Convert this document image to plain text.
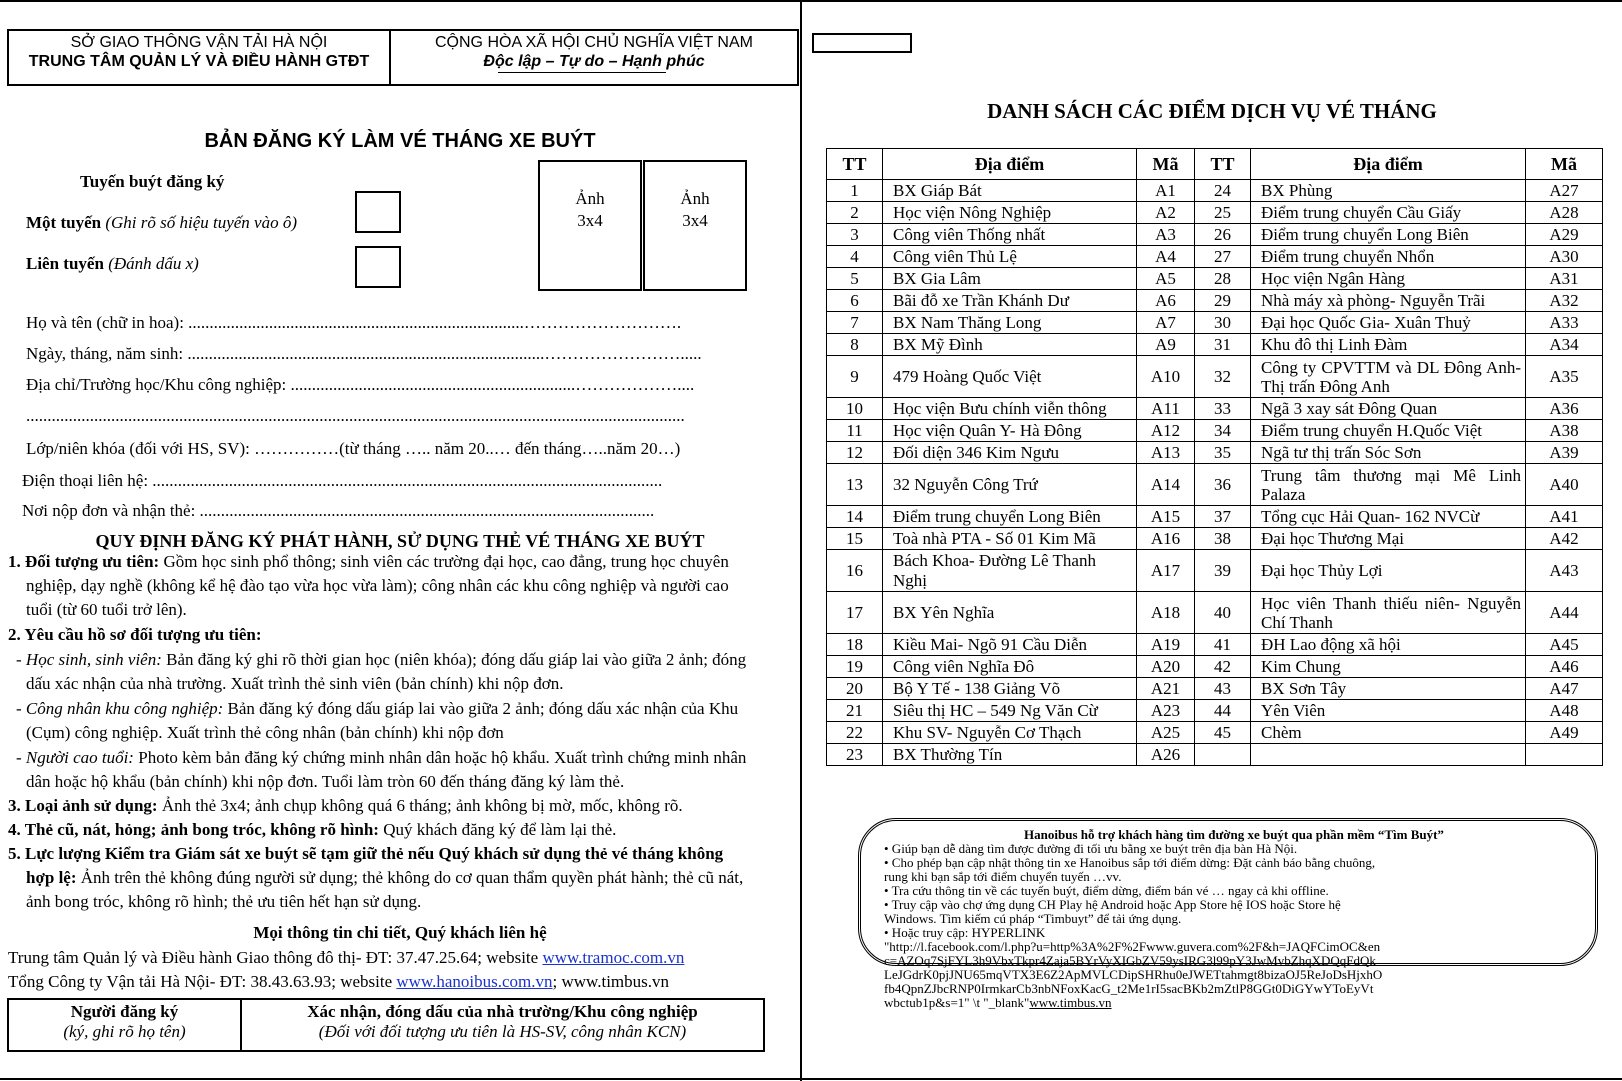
SỞ GIAO THÔNG VẬN TẢI HÀ NỘI
TRUNG TÂM QUẢN LÝ VÀ ĐIỀU HÀNH GTĐT
CỘNG HÒA XÃ HỘI CHỦ NGHĨA VIỆT NAM
Độc lập – Tự do – Hạnh phúc
BẢN ĐĂNG KÝ LÀM VÉ THÁNG XE BUÝT
Tuyến buýt đăng ký
Một tuyến (Ghi rõ số hiệu tuyến vào ô)
Liên tuyến (Đánh dấu x)
Ảnh
3x4
Ảnh
3x4
Họ và tên (chữ in hoa): ...............................................................................……………………….
Ngày, tháng, năm sinh: ....................................................................................…………………….....
Địa chỉ/Trường học/Khu công nghiệp: ...................................................................………………....
...........................................................................................................................................................
Lớp/niên khóa (đối với HS, SV): ……………(từ tháng ….. năm 20..… đến tháng…..năm 20…)
Điện thoại liên hệ: ........................................................................................................................
Nơi nộp đơn và nhận thẻ: ...........................................................................................................
QUY ĐỊNH ĐĂNG KÝ PHÁT HÀNH, SỬ DỤNG THẺ VÉ THÁNG XE BUÝT
1. Đối tượng ưu tiên: Gồm học sinh phổ thông; sinh viên các trường đại học, cao đẳng, trung học chuyên
nghiệp, dạy nghề (không kể hệ đào tạo vừa học vừa làm); công nhân các khu công nghiệp và người cao
tuổi (từ 60 tuổi trở lên).
2. Yêu cầu hồ sơ đối tượng ưu tiên:
- Học sinh, sinh viên: Bản đăng ký ghi rõ thời gian học (niên khóa); đóng dấu giáp lai vào giữa 2 ảnh; đóng
dấu xác nhận của nhà trường. Xuất trình thẻ sinh viên (bản chính) khi nộp đơn.
- Công nhân khu công nghiệp: Bản đăng ký đóng dấu giáp lai vào giữa 2 ảnh; đóng dấu xác nhận của Khu
(Cụm) công nghiệp. Xuất trình thẻ công nhân (bản chính) khi nộp đơn
- Người cao tuổi: Photo kèm bản đăng ký chứng minh nhân dân hoặc hộ khẩu. Xuất trình chứng minh nhân
dân hoặc hộ khẩu (bản chính) khi nộp đơn. Tuổi làm tròn 60 đến tháng đăng ký làm thẻ.
3. Loại ảnh sử dụng: Ảnh thẻ 3x4; ảnh chụp không quá 6 tháng; ảnh không bị mờ, mốc, không rõ.
4. Thẻ cũ, nát, hỏng; ảnh bong tróc, không rõ hình: Quý khách đăng ký để làm lại thẻ.
5. Lực lượng Kiểm tra Giám sát xe buýt sẽ tạm giữ thẻ nếu Quý khách sử dụng thẻ vé tháng không
hợp lệ: Ảnh trên thẻ không đúng người sử dụng; thẻ không do cơ quan thẩm quyền phát hành; thẻ cũ nát,
ảnh bong tróc, không rõ hình; thẻ ưu tiên hết hạn sử dụng.
Mọi thông tin chi tiết, Quý khách liên hệ
Trung tâm Quản lý và Điều hành Giao thông đô thị- ĐT: 37.47.25.64; website www.tramoc.com.vn
Tổng Công ty Vận tải Hà Nội- ĐT: 38.43.63.93; website www.hanoibus.com.vn; www.timbus.vn
Người đăng ký
(ký, ghi rõ họ tên)
Xác nhận, đóng dấu của nhà trường/Khu công nghiệp
(Đối với đối tượng ưu tiên là HS-SV, công nhân KCN)
DANH SÁCH CÁC ĐIỂM DỊCH VỤ VÉ THÁNG
TT	Địa điểm	Mã	TT	Địa điểm	Mã
1	BX Giáp Bát	A1	24	BX Phùng	A27
2	Học viện Nông Nghiệp	A2	25	Điểm trung chuyển Cầu Giấy	A28
3	Công viên Thống nhất	A3	26	Điểm trung chuyển Long Biên	A29
4	Công viên Thủ Lệ	A4	27	Điểm trung chuyển Nhổn	A30
5	BX Gia Lâm	A5	28	Học viện Ngân Hàng	A31
6	Bãi đỗ xe Trần Khánh Dư	A6	29	Nhà máy xà phòng- Nguyễn Trãi	A32
7	BX Nam Thăng Long	A7	30	Đại học Quốc Gia- Xuân Thuỷ	A33
8	BX Mỹ Đình	A9	31	Khu đô thị Linh Đàm	A34
9	479 Hoàng Quốc Việt	A10	32	Công ty CPVTTM và DL Đông Anh- Thị trấn Đông Anh	A35
10	Học viện Bưu chính viễn thông	A11	33	Ngã 3 xay sát Đông Quan	A36
11	Học viện Quân Y- Hà Đông	A12	34	Điểm trung chuyển H.Quốc Việt	A38
12	Đối diện 346 Kim Ngưu	A13	35	Ngã tư thị trấn Sóc Sơn	A39
13	32 Nguyễn Công Trứ	A14	36	Trung tâm thương mại Mê Linh Palaza	A40
14	Điểm trung chuyển Long Biên	A15	37	Tổng cục Hải Quan- 162 NVCừ	A41
15	Toà nhà PTA - Số 01 Kim Mã	A16	38	Đại học Thương Mại	A42
16	Bách Khoa- Đường Lê Thanh Nghị	A17	39	Đại học Thủy Lợi	A43
17	BX Yên Nghĩa	A18	40	Học viên Thanh thiếu niên- Nguyễn Chí Thanh	A44
18	Kiều Mai- Ngõ 91 Cầu Diễn	A19	41	ĐH Lao động xã hội	A45
19	Công viên Nghĩa Đô	A20	42	Kim Chung	A46
20	Bộ Y Tế - 138 Giảng Võ	A21	43	BX Sơn Tây	A47
21	Siêu thị HC – 549 Ng Văn Cừ	A23	44	Yên Viên	A48
22	Khu SV- Nguyễn Cơ Thạch	A25	45	Chèm	A49
23	BX Thường Tín	A26			
Hanoibus hỗ trợ khách hàng tìm đường xe buýt qua phần mềm “Tìm Buýt”
• Giúp bạn dễ dàng tìm được đường đi tối ưu bằng xe buýt trên địa bàn Hà Nội.
• Cho phép bạn cập nhật thông tin xe Hanoibus sắp tới điểm dừng: Đặt cảnh báo bằng chuông,
rung khi bạn sắp tới điểm chuyển tuyến …vv.
• Tra cứu thông tin về các tuyến buýt, điểm dừng, điểm bán vé … ngay cả khi offline.
• Truy cập vào chợ ứng dụng CH Play hệ Android hoặc App Store hệ IOS hoặc Store hệ
Windows. Tìm kiếm cú pháp “Timbuyt” để tải ứng dụng.
• Hoặc truy cập: HYPERLINK
"http://l.facebook.com/l.php?u=http%3A%2F%2Fwww.guvera.com%2F&h=JAQFCimOC&en
c=AZOq7SjFYL3h9VbxTkpr4Zaja5BYrVyXIGbZV59ysIRG3l99pY3JwMvbZhqXDQqFdQk
LeJGdrK0pjJNU65mqVTX3E6Z2ApMVLCDipSHRhu0eJWETtahmgt8bizaOJ5ReJoDsHjxhO
fb4QpnZJbcRNP0IrmkarCb3nbNFoxKacG_t2Me1rI5sacBKb2mZtlP8GGt0DiGYwYToEyVt
wbctub1p&s=1" \t "_blank"www.timbus.vn
